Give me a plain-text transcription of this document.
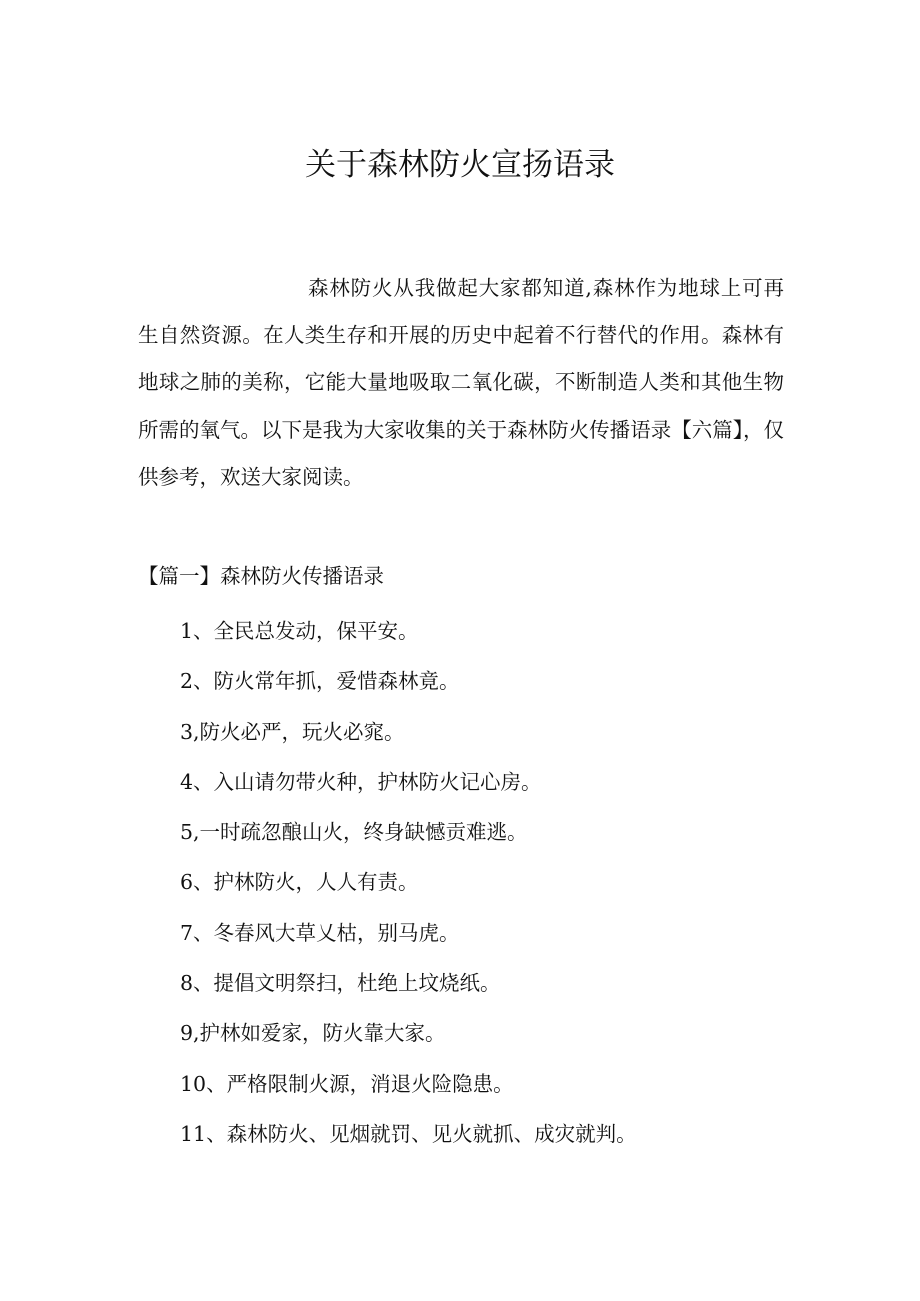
关于森林防火宣扬语录

森林防火从我做起大家都知道,森林作为地球上可再生自然资源。在人类生存和开展的历史中起着不行替代的作用。森林有地球之肺的美称，它能大量地吸取二氧化碳，不断制造人类和其他生物所需的氧气。以下是我为大家收集的关于森林防火传播语录【六篇】，仅供参考，欢送大家阅读。

【篇一】森林防火传播语录

1、全民总发动，保平安。
2、防火常年抓，爱惜森林竟。
3,防火必严，玩火必窕。
4、入山请勿带火种，护林防火记心房。
5,一时疏忽酿山火，终身缺憾贡难逃。
6、护林防火，人人有责。
7、冬春风大草乂枯，别马虎。
8、提倡文明祭扫，杜绝上坟烧纸。
9,护林如爱家，防火靠大家。
10、严格限制火源，消退火险隐患。
11、森林防火、见烟就罚、见火就抓、成灾就判。
